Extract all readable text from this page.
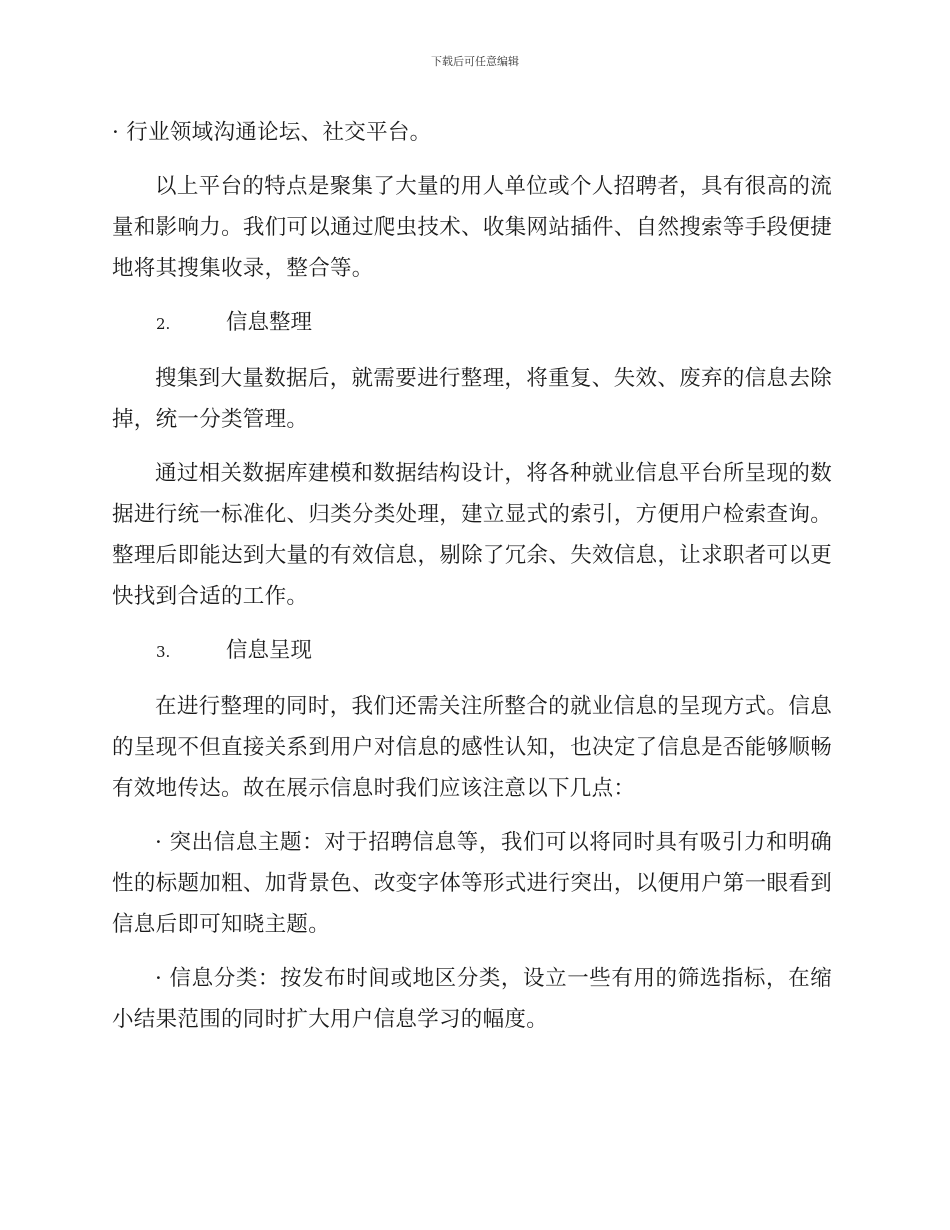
下载后可任意编辑

· 行业领域沟通论坛、社交平台。

以上平台的特点是聚集了大量的用人单位或个人招聘者，具有很高的流量和影响力。我们可以通过爬虫技术、收集网站插件、自然搜索等手段便捷地将其搜集收录，整合等。

2.	信息整理

搜集到大量数据后，就需要进行整理，将重复、失效、废弃的信息去除掉，统一分类管理。

通过相关数据库建模和数据结构设计，将各种就业信息平台所呈现的数据进行统一标准化、归类分类处理，建立显式的索引，方便用户检索查询。整理后即能达到大量的有效信息，剔除了冗余、失效信息，让求职者可以更快找到合适的工作。

3.	信息呈现

在进行整理的同时，我们还需关注所整合的就业信息的呈现方式。信息的呈现不但直接关系到用户对信息的感性认知，也决定了信息是否能够顺畅有效地传达。故在展示信息时我们应该注意以下几点：

· 突出信息主题：对于招聘信息等，我们可以将同时具有吸引力和明确性的标题加粗、加背景色、改变字体等形式进行突出，以便用户第一眼看到信息后即可知晓主题。

· 信息分类：按发布时间或地区分类，设立一些有用的筛选指标，在缩小结果范围的同时扩大用户信息学习的幅度。
